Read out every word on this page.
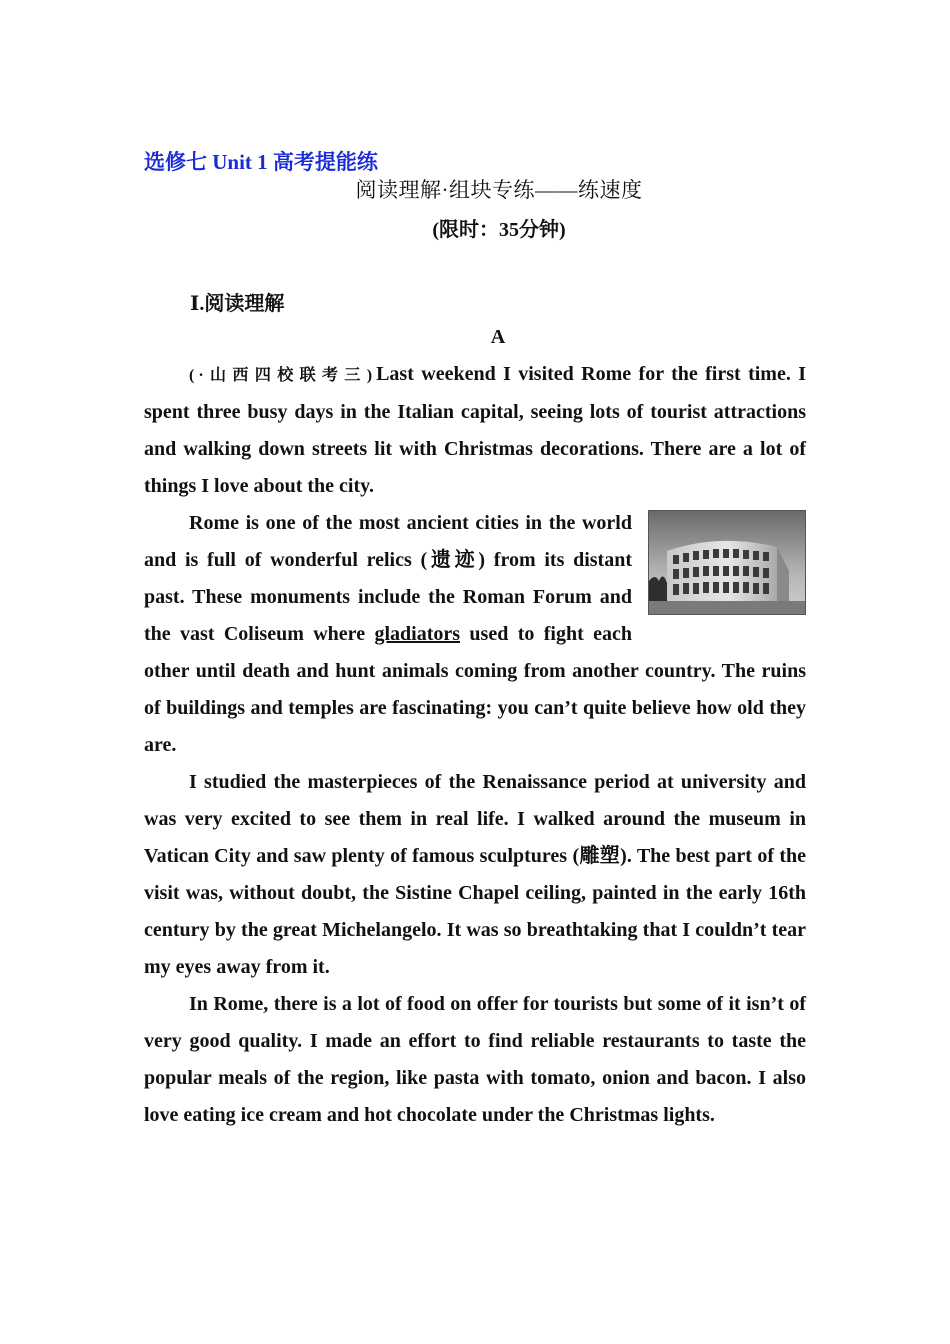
选修七 Unit 1 高考提能练
阅读理解·组块专练——练速度
(限时：35分钟)
Ⅰ.阅读理解
A

(·山西四校联考三)Last weekend I visited Rome for the first time. I spent three busy days in the Italian capital, seeing lots of tourist attractions and walking down streets lit with Christmas decorations. There are a lot of things I love about the city.

Rome is one of the most ancient cities in the world and is full of wonderful relics (遗迹) from its distant past. These monuments include the Roman Forum and the vast Coliseum where gladiators used to fight each other until death and hunt animals coming from another country. The ruins of buildings and temples are fascinating: you can’t quite believe how old they are.

I studied the masterpieces of the Renaissance period at university and was very excited to see them in real life. I walked around the museum in Vatican City and saw plenty of famous sculptures (雕塑). The best part of the visit was, without doubt, the Sistine Chapel ceiling, painted in the early 16th century by the great Michelangelo. It was so breathtaking that I couldn’t tear my eyes away from it.

In Rome, there is a lot of food on offer for tourists but some of it isn’t of very good quality. I made an effort to find reliable restaurants to taste the popular meals of the region, like pasta with tomato, onion and bacon. I also love eating ice cream and hot chocolate under the Christmas lights.
